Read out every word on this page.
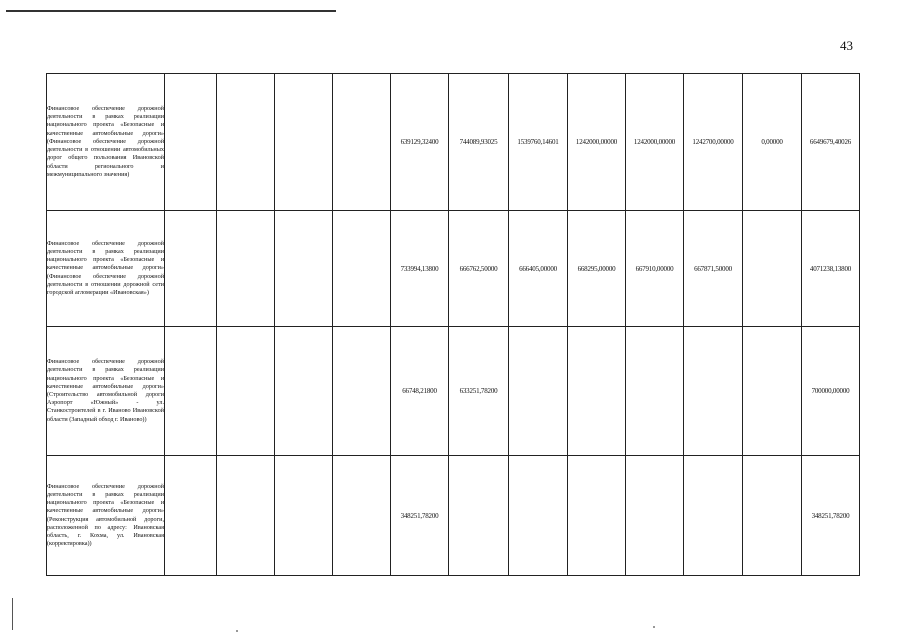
43
Финансовое обеспечение дорожной деятельности в рамках реализации национального проекта «Безопасные и качественные автомобильные дороги» (Финансовое обеспечение дорожной деятельности в отношении автомобильных дорог общего пользования Ивановской области регионального и межмуниципального значения)					639129,32400	744089,93025	1539760,14601	1242000,00000	1242000,00000	1242700,00000	0,00000	6649679,40026
Финансовое обеспечение дорожной деятельности в рамках реализации национального проекта «Безопасные и качественные автомобильные дороги» (Финансовое обеспечение дорожной деятельности в отношении дорожной сети городской агломерации «Ивановская»)					733994,13800	666762,50000	666405,00000	668295,00000	667910,00000	667871,50000		4071238,13800
Финансовое обеспечение дорожной деятельности в рамках реализации национального проекта «Безопасные и качественные автомобильные дороги» (Строительство автомобильной дороги Аэропорт «Южный» - ул. Станкостроителей в г. Иваново Ивановской области (Западный обход г. Иваново))					66748,21800	633251,78200						700000,00000
Финансовое обеспечение дорожной деятельности в рамках реализации национального проекта «Безопасные и качественные автомобильные дороги» (Реконструкция автомобильной дороги, расположенной по адресу: Ивановская область, г. Кохма, ул. Ивановская (корректировка))					348251,78200							348251,78200
